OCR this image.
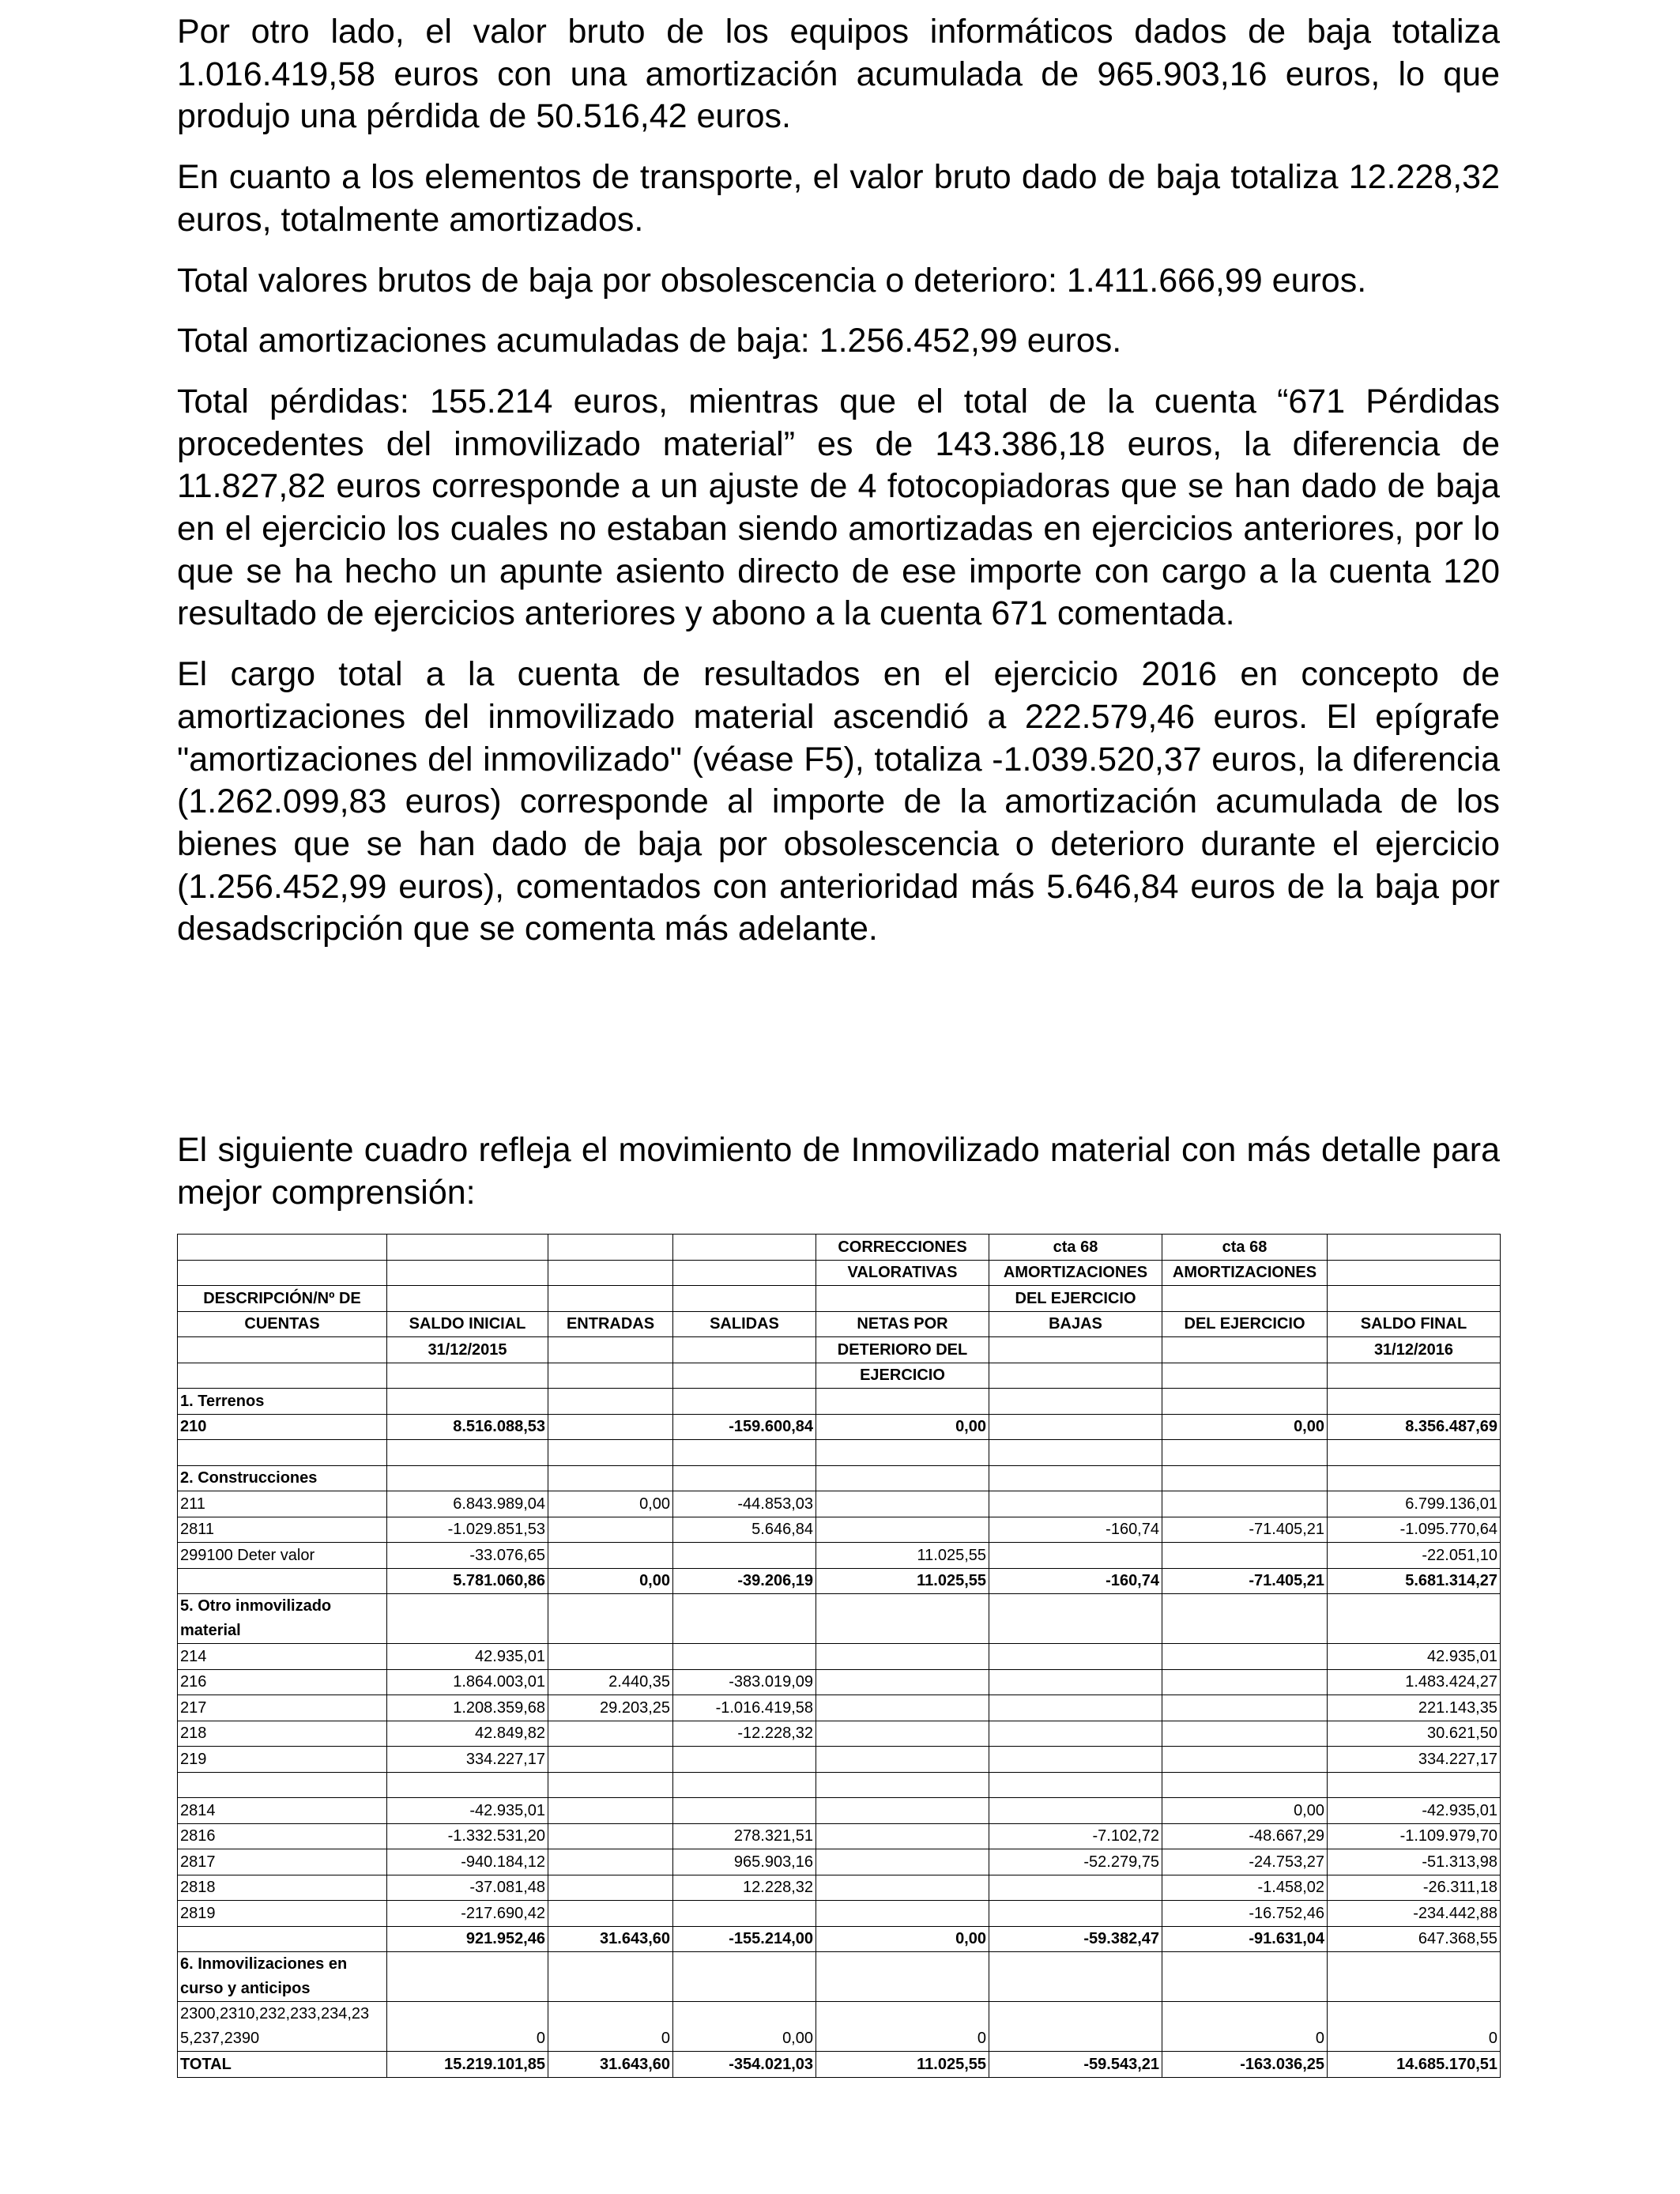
Por otro lado, el valor bruto de los equipos informáticos dados de baja totaliza 1.016.419,58 euros con una amortización acumulada de 965.903,16 euros, lo que produjo una pérdida de 50.516,42 euros.

En cuanto a los elementos de transporte, el valor bruto dado de baja totaliza 12.228,32 euros, totalmente amortizados.

Total valores brutos de baja por obsolescencia o deterioro: 1.411.666,99 euros.

Total amortizaciones acumuladas de baja: 1.256.452,99 euros.

Total pérdidas: 155.214 euros, mientras que el total de la cuenta “671 Pérdidas procedentes del inmovilizado material” es de 143.386,18 euros, la diferencia de 11.827,82 euros corresponde a un ajuste de 4 fotocopiadoras que se han dado de baja en el ejercicio los cuales no estaban siendo amortizadas en ejercicios anteriores, por lo que se ha hecho un apunte asiento directo de ese importe con cargo a la cuenta 120 resultado de ejercicios anteriores y abono a la cuenta 671 comentada.

El cargo total a la cuenta de resultados en el ejercicio 2016 en concepto de amortizaciones del inmovilizado material ascendió a 222.579,46 euros. El epígrafe "amortizaciones del inmovilizado" (véase F5), totaliza -1.039.520,37 euros, la diferencia (1.262.099,83 euros) corresponde al importe de la amortización acumulada de los bienes que se han dado de baja por obsolescencia o deterioro durante el ejercicio (1.256.452,99 euros), comentados con anterioridad más 5.646,84 euros de la baja por desadscripción que se comenta más adelante.

El siguiente cuadro refleja el movimiento de Inmovilizado material con más detalle para mejor comprensión:

				CORRECCIONES	cta 68	cta 68	
				VALORATIVAS	AMORTIZACIONES	AMORTIZACIONES	
DESCRIPCIÓN/Nº DE					DEL EJERCICIO		
CUENTAS	SALDO INICIAL	ENTRADAS	SALIDAS	NETAS POR	BAJAS	DEL EJERCICIO	SALDO FINAL
	31/12/2015			DETERIORO DEL			31/12/2016
				EJERCICIO			
1. Terrenos							
210	8.516.088,53		-159.600,84	0,00		0,00	8.356.487,69

2. Construcciones							
211	6.843.989,04	0,00	-44.853,03				6.799.136,01
2811	-1.029.851,53		5.646,84		-160,74	-71.405,21	-1.095.770,64
299100 Deter valor	-33.076,65			11.025,55			-22.051,10
	5.781.060,86	0,00	-39.206,19	11.025,55	-160,74	-71.405,21	5.681.314,27
5. Otro inmovilizado material							
214	42.935,01						42.935,01
216	1.864.003,01	2.440,35	-383.019,09				1.483.424,27
217	1.208.359,68	29.203,25	-1.016.419,58				221.143,35
218	42.849,82		-12.228,32				30.621,50
219	334.227,17						334.227,17

2814	-42.935,01					0,00	-42.935,01
2816	-1.332.531,20		278.321,51		-7.102,72	-48.667,29	-1.109.979,70
2817	-940.184,12		965.903,16		-52.279,75	-24.753,27	-51.313,98
2818	-37.081,48		12.228,32			-1.458,02	-26.311,18
2819	-217.690,42					-16.752,46	-234.442,88
	921.952,46	31.643,60	-155.214,00	0,00	-59.382,47	-91.631,04	647.368,55
6. Inmovilizaciones en curso y anticipos							
2300,2310,232,233,234,23 5,237,2390	0	0	0,00	0		0	0
TOTAL	15.219.101,85	31.643,60	-354.021,03	11.025,55	-59.543,21	-163.036,25	14.685.170,51
